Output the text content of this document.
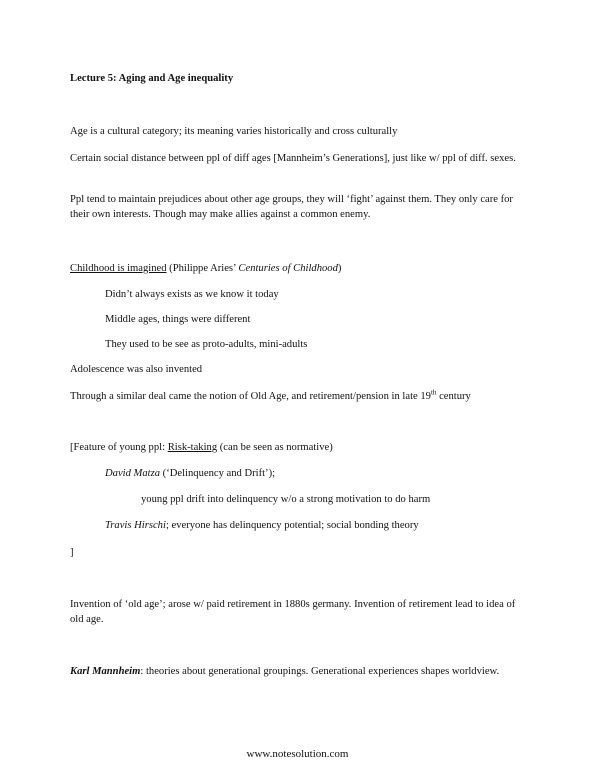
Lecture 5: Aging and Age inequality

Age is a cultural category; its meaning varies historically and cross culturally

Certain social distance between ppl of diff ages [Mannheim’s Generations], just like w/ ppl of diff. sexes.

Ppl tend to maintain prejudices about other age groups, they will ‘fight’ against them. They only care for their own interests. Though may make allies against a common enemy.

Childhood is imagined (Philippe Aries’ Centuries of Childhood)

Didn’t always exists as we know it today

Middle ages, things were different

They used to be see as proto-adults, mini-adults

Adolescence was also invented

Through a similar deal came the notion of Old Age, and retirement/pension in late 19th century

[Feature of young ppl: Risk-taking (can be seen as normative)

David Matza (‘Delinquency and Drift’);

young ppl drift into delinquency w/o a strong motivation to do harm

Travis Hirschi; everyone has delinquency potential; social bonding theory

]

Invention of ‘old age’; arose w/ paid retirement in 1880s germany. Invention of retirement lead to idea of old age.

Karl Mannheim: theories about generational groupings. Generational experiences shapes worldview.

www.notesolution.com
